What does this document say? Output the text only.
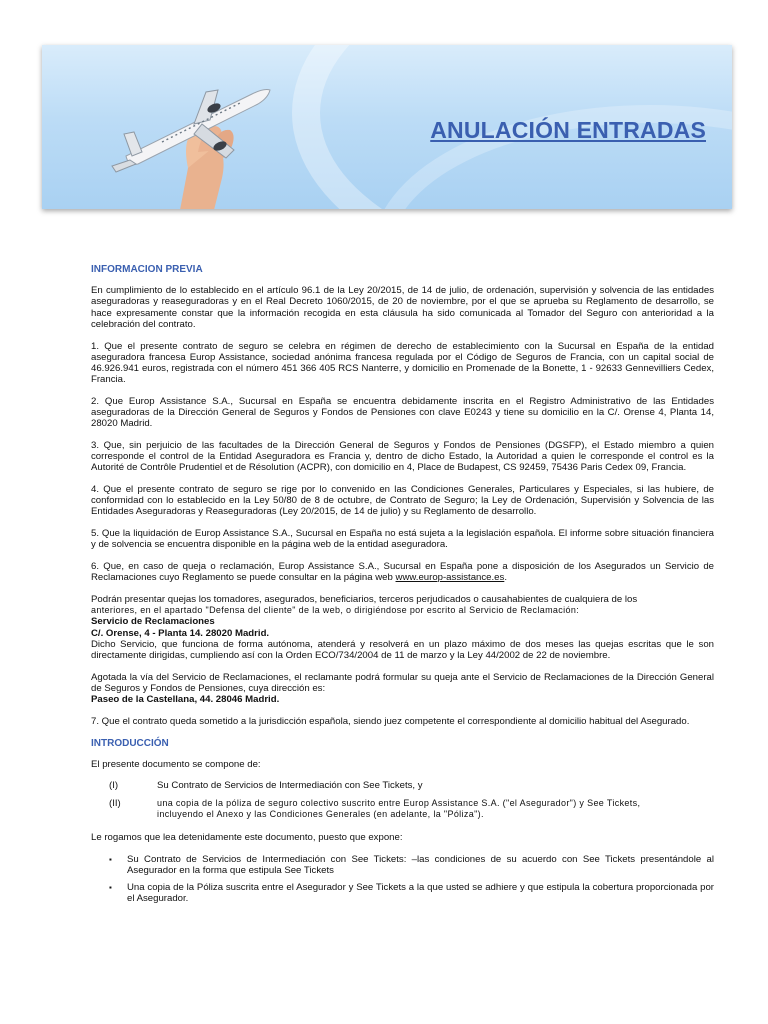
ANULACIÓN ENTRADAS
INFORMACION PREVIA

En cumplimiento de lo establecido en el artículo 96.1 de la Ley 20/2015, de 14 de julio, de ordenación, supervisión y solvencia de las entidades aseguradoras y reaseguradoras y en el Real Decreto 1060/2015, de 20 de noviembre, por el que se aprueba su Reglamento de desarrollo, se hace expresamente constar que la información recogida en esta cláusula ha sido comunicada al Tomador del Seguro con anterioridad a la celebración del contrato.

1. Que el presente contrato de seguro se celebra en régimen de derecho de establecimiento con la Sucursal en España de la entidad aseguradora francesa Europ Assistance, sociedad anónima francesa regulada por el Código de Seguros de Francia, con un capital social de 46.926.941 euros, registrada con el número 451 366 405 RCS Nanterre, y domicilio en Promenade de la Bonette, 1 - 92633 Gennevilliers Cedex, Francia.

2. Que Europ Assistance S.A., Sucursal en España se encuentra debidamente inscrita en el Registro Administrativo de las Entidades aseguradoras de la Dirección General de Seguros y Fondos de Pensiones con clave E0243 y tiene su domicilio en la C/. Orense 4, Planta 14, 28020 Madrid.

3. Que, sin perjuicio de las facultades de la Dirección General de Seguros y Fondos de Pensiones (DGSFP), el Estado miembro a quien corresponde el control de la Entidad Aseguradora es Francia y, dentro de dicho Estado, la Autoridad a quien le corresponde el control es la Autorité de Contrôle Prudentiel et de Résolution (ACPR), con domicilio en 4, Place de Budapest, CS 92459, 75436 Paris Cedex 09, Francia.

4. Que el presente contrato de seguro se rige por lo convenido en las Condiciones Generales, Particulares y Especiales, si las hubiere, de conformidad con lo establecido en la Ley 50/80 de 8 de octubre, de Contrato de Seguro; la Ley de Ordenación, Supervisión y Solvencia de las Entidades Aseguradoras y Reaseguradoras (Ley 20/2015, de 14 de julio) y su Reglamento de desarrollo.

5. Que la liquidación de Europ Assistance S.A., Sucursal en España no está sujeta a la legislación española. El informe sobre situación financiera y de solvencia se encuentra disponible en la página web de la entidad aseguradora.

6. Que, en caso de queja o reclamación, Europ Assistance S.A., Sucursal en España pone a disposición de los Asegurados un Servicio de Reclamaciones cuyo Reglamento se puede consultar en la página web www.europ-assistance.es.

Podrán presentar quejas los tomadores, asegurados, beneficiarios, terceros perjudicados o causahabientes de cualquiera de los
anteriores, en el apartado "Defensa del cliente" de la web, o dirigiéndose por escrito al Servicio de Reclamación:
Servicio de Reclamaciones
C/. Orense, 4 - Planta 14. 28020 Madrid.
Dicho Servicio, que funciona de forma autónoma, atenderá y resolverá en un plazo máximo de dos meses las quejas escritas que le son directamente dirigidas, cumpliendo así con la Orden ECO/734/2004 de 11 de marzo y la Ley 44/2002 de 22 de noviembre.
Agotada la vía del Servicio de Reclamaciones, el reclamante podrá formular su queja ante el Servicio de Reclamaciones de la Dirección General de Seguros y Fondos de Pensiones, cuya dirección es:
Paseo de la Castellana, 44. 28046 Madrid.

7. Que el contrato queda sometido a la jurisdicción española, siendo juez competente el correspondiente al domicilio habitual del Asegurado.

INTRODUCCIÓN

El presente documento se compone de:

(I)	Su Contrato de Servicios de Intermediación con See Tickets, y
(II)	una copia de la póliza de seguro colectivo suscrito entre Europ Assistance S.A. ("el Asegurador") y See Tickets,
incluyendo el Anexo y las Condiciones Generales (en adelante, la "Póliza").

Le rogamos que lea detenidamente este documento, puesto que expone:

▪	Su Contrato de Servicios de Intermediación con See Tickets: –las condiciones de su acuerdo con See Tickets presentándole al Asegurador en la forma que estipula See Tickets
▪	Una copia de la Póliza suscrita entre el Asegurador y See Tickets a la que usted se adhiere y que estipula la cobertura proporcionada por el Asegurador.
